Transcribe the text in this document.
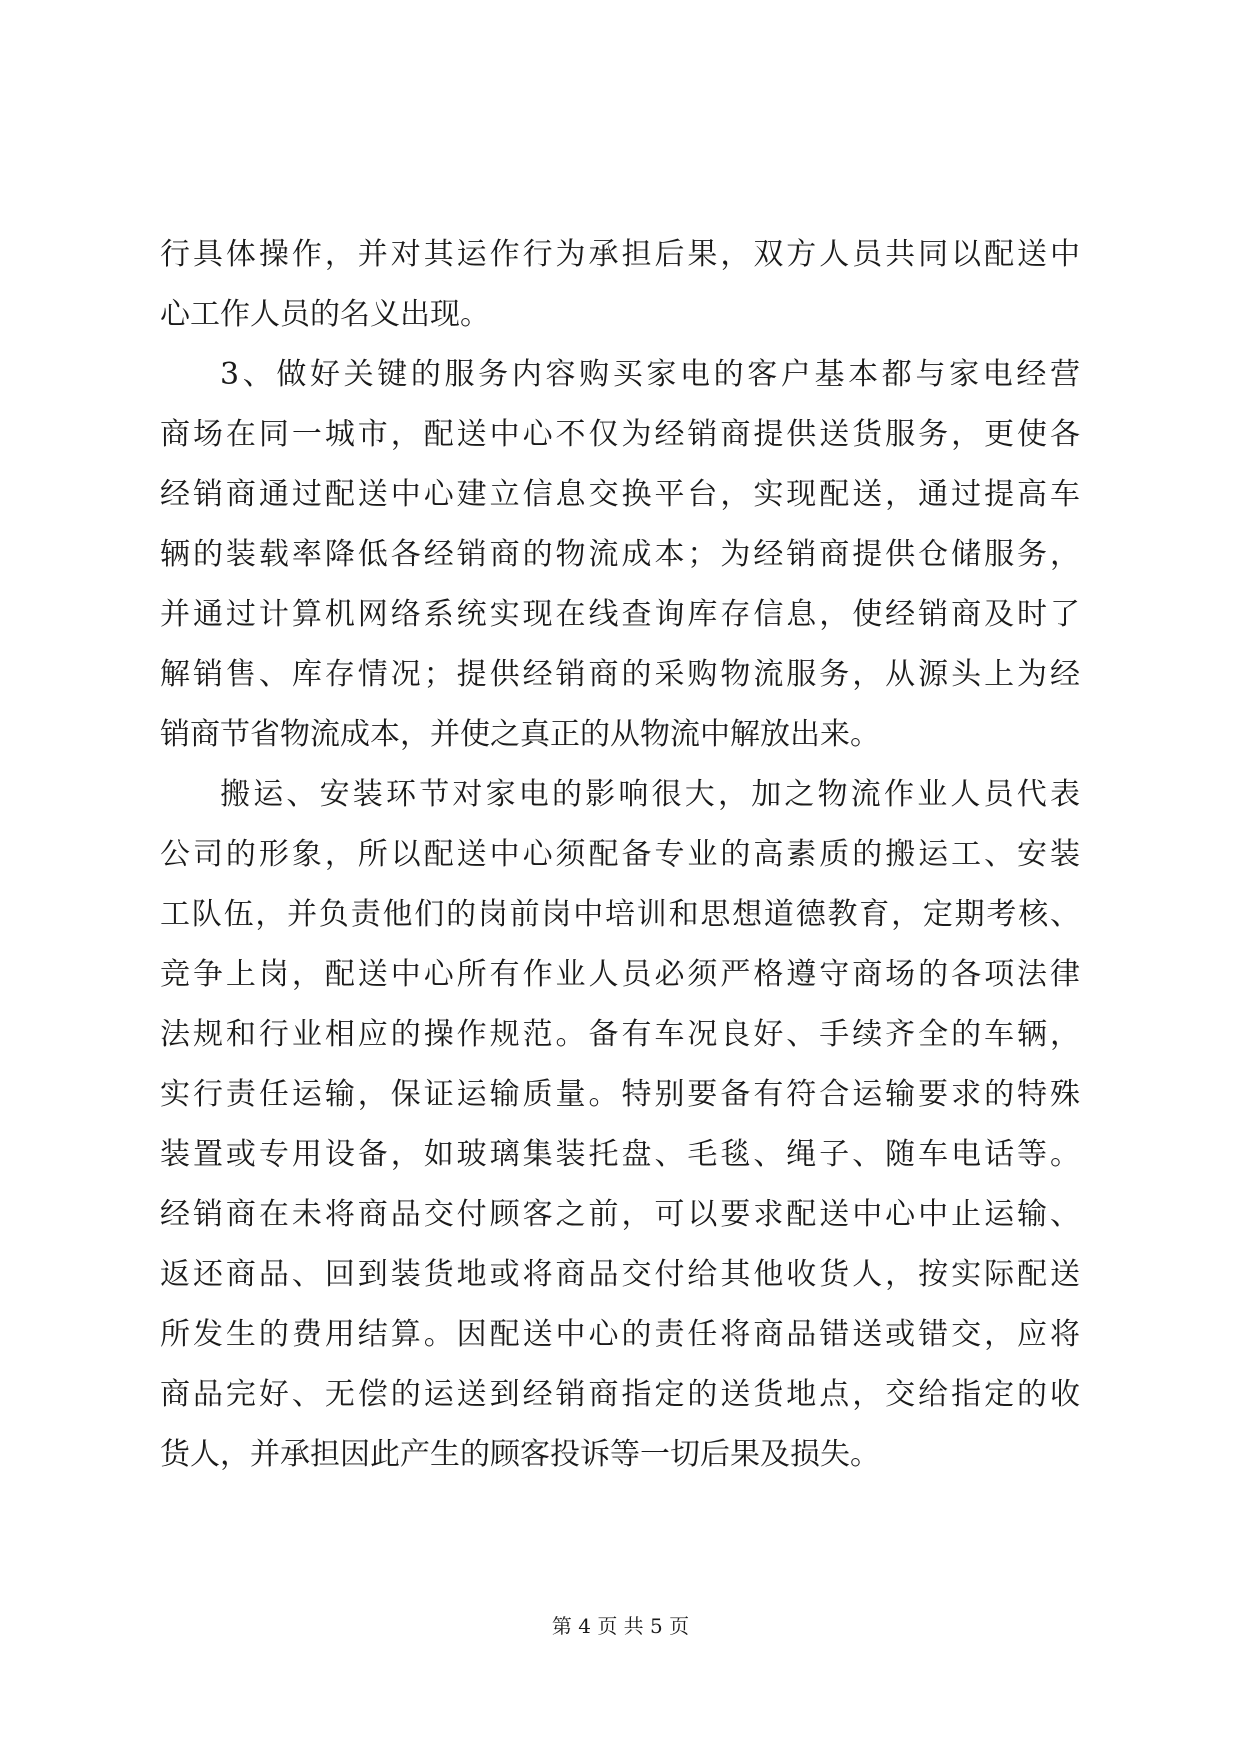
行具体操作，并对其运作行为承担后果，双方人员共同以配送中
心工作人员的名义出现。
3、做好关键的服务内容购买家电的客户基本都与家电经营
商场在同一城市，配送中心不仅为经销商提供送货服务，更使各
经销商通过配送中心建立信息交换平台，实现配送，通过提高车
辆的装载率降低各经销商的物流成本；为经销商提供仓储服务，
并通过计算机网络系统实现在线查询库存信息，使经销商及时了
解销售、库存情况；提供经销商的采购物流服务，从源头上为经
销商节省物流成本，并使之真正的从物流中解放出来。
搬运、安装环节对家电的影响很大，加之物流作业人员代表
公司的形象，所以配送中心须配备专业的高素质的搬运工、安装
工队伍，并负责他们的岗前岗中培训和思想道德教育，定期考核、
竞争上岗，配送中心所有作业人员必须严格遵守商场的各项法律
法规和行业相应的操作规范。备有车况良好、手续齐全的车辆，
实行责任运输，保证运输质量。特别要备有符合运输要求的特殊
装置或专用设备，如玻璃集装托盘、毛毯、绳子、随车电话等。
经销商在未将商品交付顾客之前，可以要求配送中心中止运输、
返还商品、回到装货地或将商品交付给其他收货人，按实际配送
所发生的费用结算。因配送中心的责任将商品错送或错交，应将
商品完好、无偿的运送到经销商指定的送货地点，交给指定的收
货人，并承担因此产生的顾客投诉等一切后果及损失。
第 4 页 共 5 页
